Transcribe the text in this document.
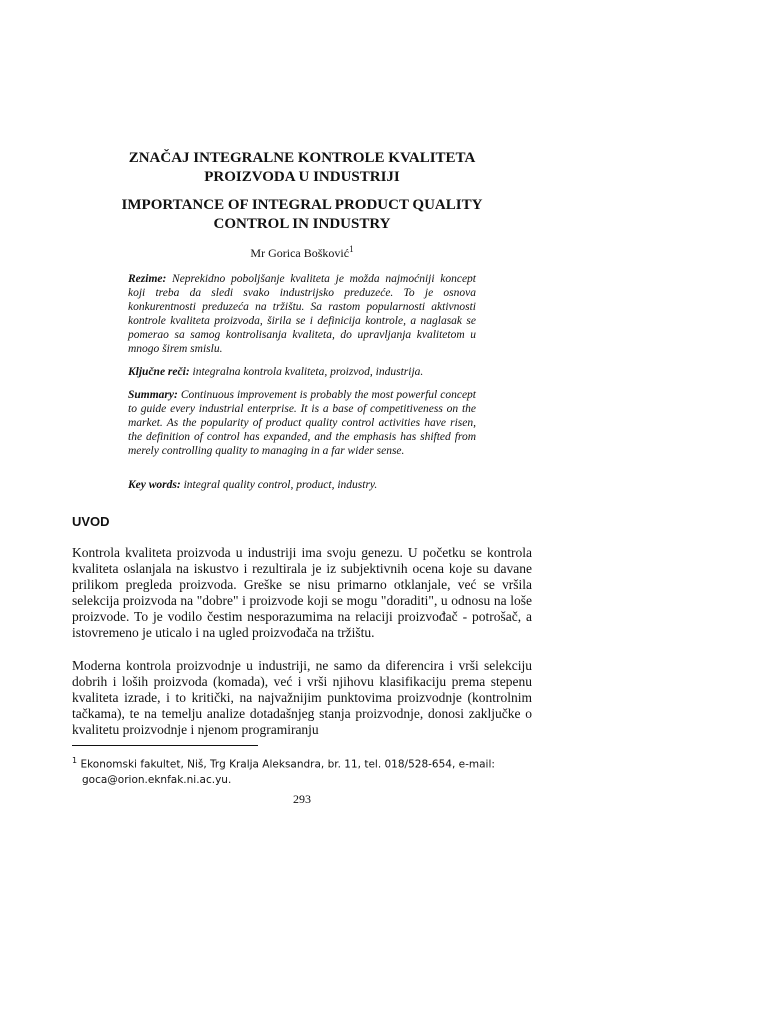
ZNAČAJ INTEGRALNE KONTROLE KVALITETA
PROIZVODA U INDUSTRIJI
IMPORTANCE OF INTEGRAL PRODUCT QUALITY
CONTROL IN INDUSTRY
Mr Gorica Bošković$^1$

Rezime: Neprekidno poboljšanje kvaliteta je možda najmoćniji koncept koji treba da sledi svako industrijsko preduzeće. To je osnova konkurentnosti preduzeća na tržištu. Sa rastom popularnosti aktivnosti kontrole kvaliteta proizvoda, širila se i definicija kontrole, a naglasak se pomerao sa samog kontrolisanja kvaliteta, do upravljanja kvalitetom u mnogo širem smislu.

Ključne reči: integralna kontrola kvaliteta, proizvod, industrija.

Summary: Continuous improvement is probably the most powerful concept to guide every industrial enterprise. It is a base of competitiveness on the market. As the popularity of product quality control activities have risen, the definition of control has expanded, and the emphasis has shifted from merely controlling quality to managing in a far wider sense.

Key words: integral quality control, product, industry.

UVOD

Kontrola kvaliteta proizvoda u industriji ima svoju genezu. U početku se kontrola kvaliteta oslanjala na iskustvo i rezultirala je iz subjektivnih ocena koje su davane prilikom pregleda proizvoda. Greške se nisu primarno otklanjale, već se vršila selekcija proizvoda na "dobre" i proizvode koji se mogu "doraditi", u odnosu na loše proizvode. To je vodilo čestim nesporazumima na relaciji proizvođač - potrošač, a istovremeno je uticalo i na ugled proizvođača na tržištu.

Moderna kontrola proizvodnje u industriji, ne samo da diferencira i vrši selekciju dobrih i loših proizvoda (komada), već i vrši njihovu klasifikaciju prema stepenu kvaliteta izrade, i to kritički, na najvažnijim punktovima proizvodnje (kontrolnim tačkama), te na temelju analize dotadašnjeg stanja proizvodnje, donosi zaključke o kvalitetu proizvodnje i njenom programiranju

$^1$ Ekonomski fakultet, Niš, Trg Kralja Aleksandra, br. 11, tel. 018/528-654, e-mail:
goca@orion.eknfak.ni.ac.yu.

293
